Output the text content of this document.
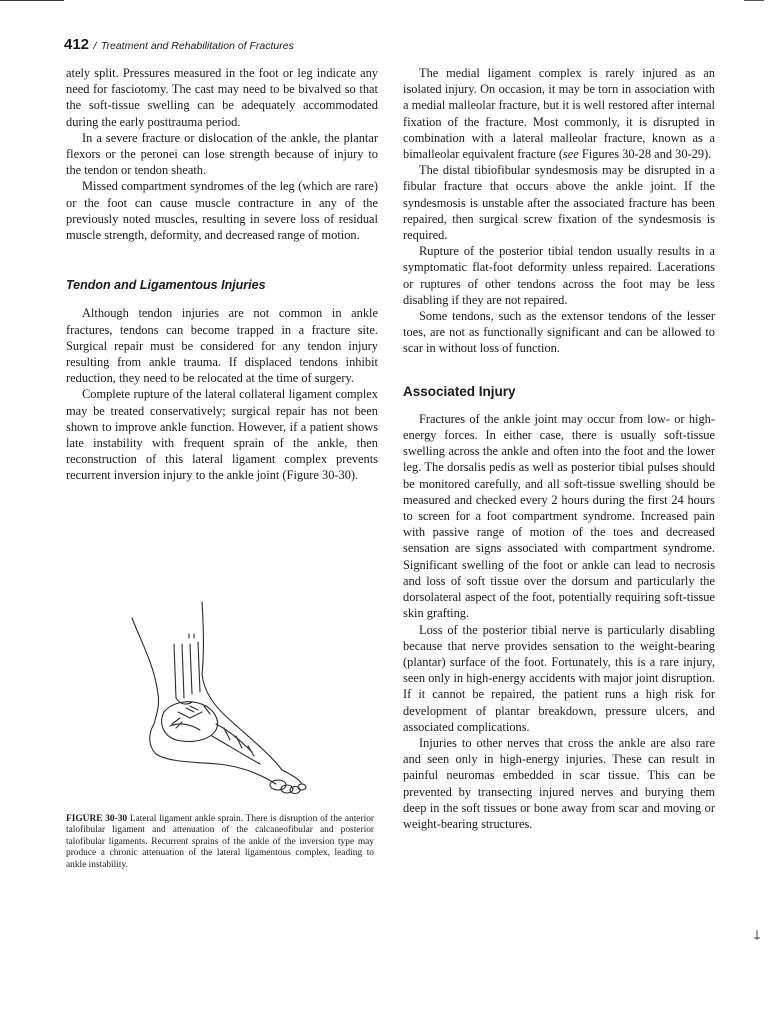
412 / Treatment and Rehabilitation of Fractures

ately split. Pressures measured in the foot or leg indicate any need for fasciotomy. The cast may need to be bivalved so that the soft-tissue swelling can be adequately accommodated during the early posttrauma period.

In a severe fracture or dislocation of the ankle, the plantar flexors or the peronei can lose strength because of injury to the tendon or tendon sheath.

Missed compartment syndromes of the leg (which are rare) or the foot can cause muscle contracture in any of the previously noted muscles, resulting in severe loss of residual muscle strength, deformity, and decreased range of motion.

Tendon and Ligamentous Injuries

Although tendon injuries are not common in ankle fractures, tendons can become trapped in a fracture site. Surgical repair must be considered for any tendon injury resulting from ankle trauma. If displaced tendons inhibit reduction, they need to be relocated at the time of surgery.

Complete rupture of the lateral collateral ligament complex may be treated conservatively; surgical repair has not been shown to improve ankle function. However, if a patient shows late instability with frequent sprain of the ankle, then reconstruction of this lateral ligament complex prevents recurrent inversion injury to the ankle joint (Figure 30-30).

FIGURE 30-30 Lateral ligament ankle sprain. There is disruption of the anterior talofibular ligament and attenuation of the calcaneofibular and posterior talofibular ligaments. Recurrent sprains of the ankle of the inversion type may produce a chronic attenuation of the lateral ligamentous complex, leading to ankle instability.

The medial ligament complex is rarely injured as an isolated injury. On occasion, it may be torn in association with a medial malleolar fracture, but it is well restored after internal fixation of the fracture. Most commonly, it is disrupted in combination with a lateral malleolar fracture, known as a bimalleolar equivalent fracture (see Figures 30-28 and 30-29).

The distal tibiofibular syndesmosis may be disrupted in a fibular fracture that occurs above the ankle joint. If the syndesmosis is unstable after the associated fracture has been repaired, then surgical screw fixation of the syndesmosis is required.

Rupture of the posterior tibial tendon usually results in a symptomatic flat-foot deformity unless repaired. Lacerations or ruptures of other tendons across the foot may be less disabling if they are not repaired.

Some tendons, such as the extensor tendons of the lesser toes, are not as functionally significant and can be allowed to scar in without loss of function.

Associated Injury

Fractures of the ankle joint may occur from low- or high-energy forces. In either case, there is usually soft-tissue swelling across the ankle and often into the foot and the lower leg. The dorsalis pedis as well as posterior tibial pulses should be monitored carefully, and all soft-tissue swelling should be measured and checked every 2 hours during the first 24 hours to screen for a foot compartment syndrome. Increased pain with passive range of motion of the toes and decreased sensation are signs associated with compartment syndrome. Significant swelling of the foot or ankle can lead to necrosis and loss of soft tissue over the dorsum and particularly the dorsolateral aspect of the foot, potentially requiring soft-tissue skin grafting.

Loss of the posterior tibial nerve is particularly disabling because that nerve provides sensation to the weight-bearing (plantar) surface of the foot. Fortunately, this is a rare injury, seen only in high-energy accidents with major joint disruption. If it cannot be repaired, the patient runs a high risk for development of plantar breakdown, pressure ulcers, and associated complications.

Injuries to other nerves that cross the ankle are also rare and seen only in high-energy injuries. These can result in painful neuromas embedded in scar tissue. This can be prevented by transecting injured nerves and burying them deep in the soft tissues or bone away from scar and moving or weight-bearing structures.
